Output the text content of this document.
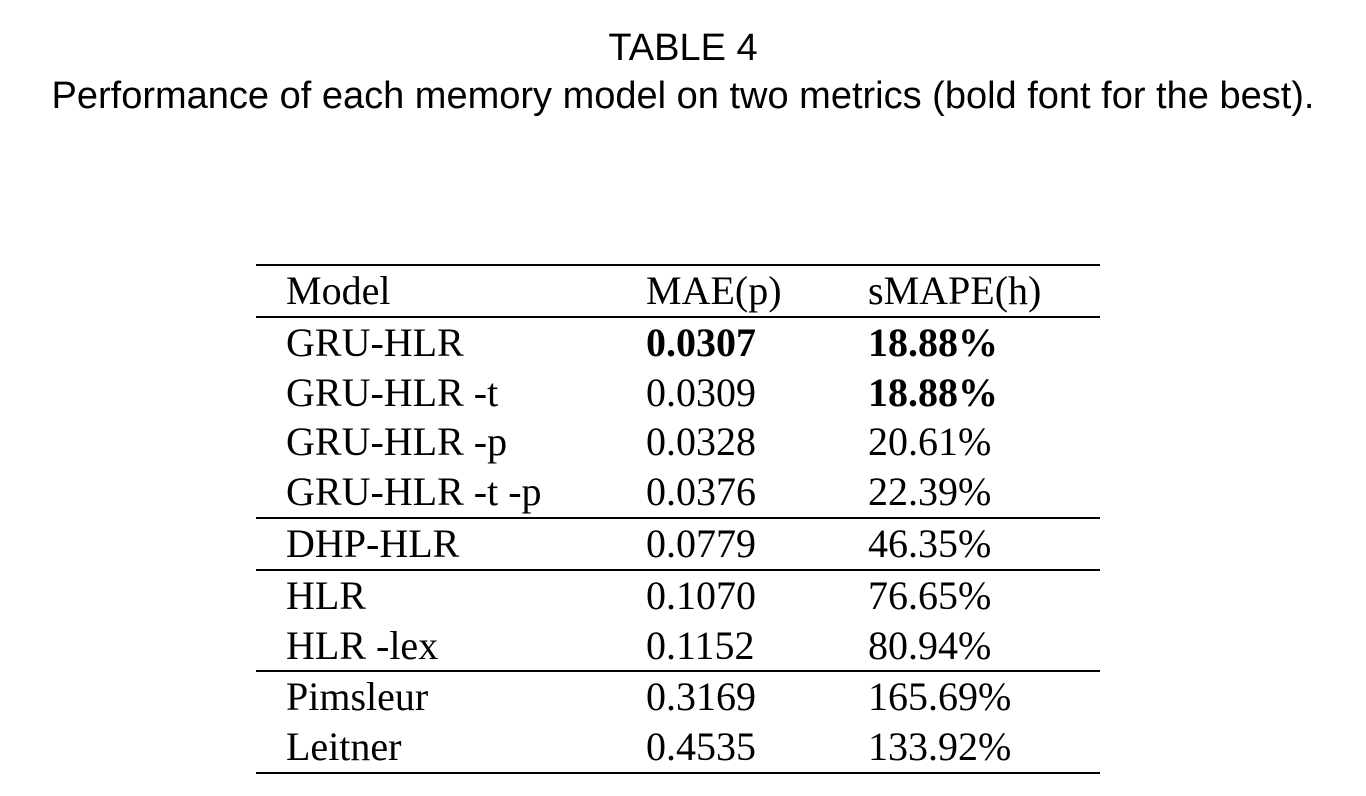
TABLE 4
Performance of each memory model on two metrics (bold font for the best).
Model	MAE(p)	sMAPE(h)
GRU-HLR	0.0307	18.88%
GRU-HLR -t	0.0309	18.88%
GRU-HLR -p	0.0328	20.61%
GRU-HLR -t -p	0.0376	22.39%
DHP-HLR	0.0779	46.35%
HLR	0.1070	76.65%
HLR -lex	0.1152	80.94%
Pimsleur	0.3169	165.69%
Leitner	0.4535	133.92%
